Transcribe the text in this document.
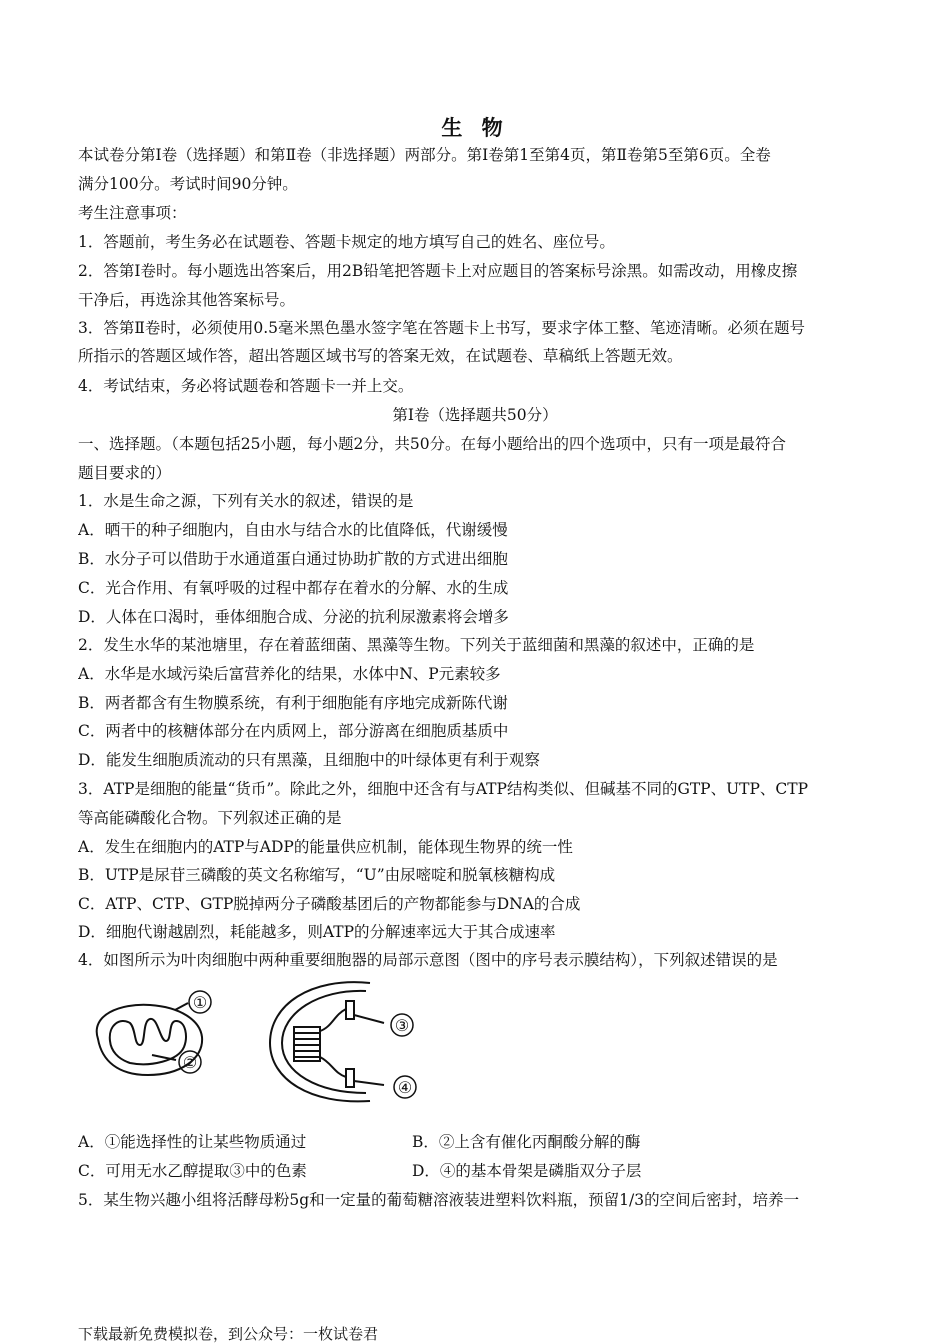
生 物
本试卷分第Ⅰ卷（选择题）和第Ⅱ卷（非选择题）两部分。第Ⅰ卷第1至第4页，第Ⅱ卷第5至第6页。全卷
满分100分。考试时间90分钟。
考生注意事项：
1．答题前，考生务必在试题卷、答题卡规定的地方填写自己的姓名、座位号。
2．答第Ⅰ卷时。每小题选出答案后，用2B铅笔把答题卡上对应题目的答案标号涂黑。如需改动，用橡皮擦
干净后，再选涂其他答案标号。
3．答第Ⅱ卷时，必须使用0.5毫米黑色墨水签字笔在答题卡上书写，要求字体工整、笔迹清晰。必须在题号
所指示的答题区域作答，超出答题区域书写的答案无效，在试题卷、草稿纸上答题无效。
4．考试结束，务必将试题卷和答题卡一并上交。
第Ⅰ卷（选择题共50分）
一、选择题。（本题包括25小题，每小题2分，共50分。在每小题给出的四个选项中，只有一项是最符合
题目要求的）
1．水是生命之源，下列有关水的叙述，错误的是
A．晒干的种子细胞内，自由水与结合水的比值降低，代谢缓慢
B．水分子可以借助于水通道蛋白通过协助扩散的方式进出细胞
C．光合作用、有氧呼吸的过程中都存在着水的分解、水的生成
D．人体在口渴时，垂体细胞合成、分泌的抗利尿激素将会增多
2．发生水华的某池塘里，存在着蓝细菌、黑藻等生物。下列关于蓝细菌和黑藻的叙述中，正确的是
A．水华是水域污染后富营养化的结果，水体中N、P元素较多
B．两者都含有生物膜系统，有利于细胞能有序地完成新陈代谢
C．两者中的核糖体部分在内质网上，部分游离在细胞质基质中
D．能发生细胞质流动的只有黑藻，且细胞中的叶绿体更有利于观察
3．ATP是细胞的能量“货币”。除此之外，细胞中还含有与ATP结构类似、但碱基不同的GTP、UTP、CTP
等高能磷酸化合物。下列叙述正确的是
A．发生在细胞内的ATP与ADP的能量供应机制，能体现生物界的统一性
B．UTP是尿苷三磷酸的英文名称缩写，“U”由尿嘧啶和脱氧核糖构成
C．ATP、CTP、GTP脱掉两分子磷酸基团后的产物都能参与DNA的合成
D．细胞代谢越剧烈，耗能越多，则ATP的分解速率远大于其合成速率
4．如图所示为叶肉细胞中两种重要细胞器的局部示意图（图中的序号表示膜结构），下列叙述错误的是
①
②
③
④
A．①能选择性的让某些物质通过	B．②上含有催化丙酮酸分解的酶
C．可用无水乙醇提取③中的色素	D．④的基本骨架是磷脂双分子层
5．某生物兴趣小组将活酵母粉5g和一定量的葡萄糖溶液装进塑料饮料瓶，预留1/3的空间后密封，培养一
下载最新免费模拟卷，到公众号：一枚试卷君
